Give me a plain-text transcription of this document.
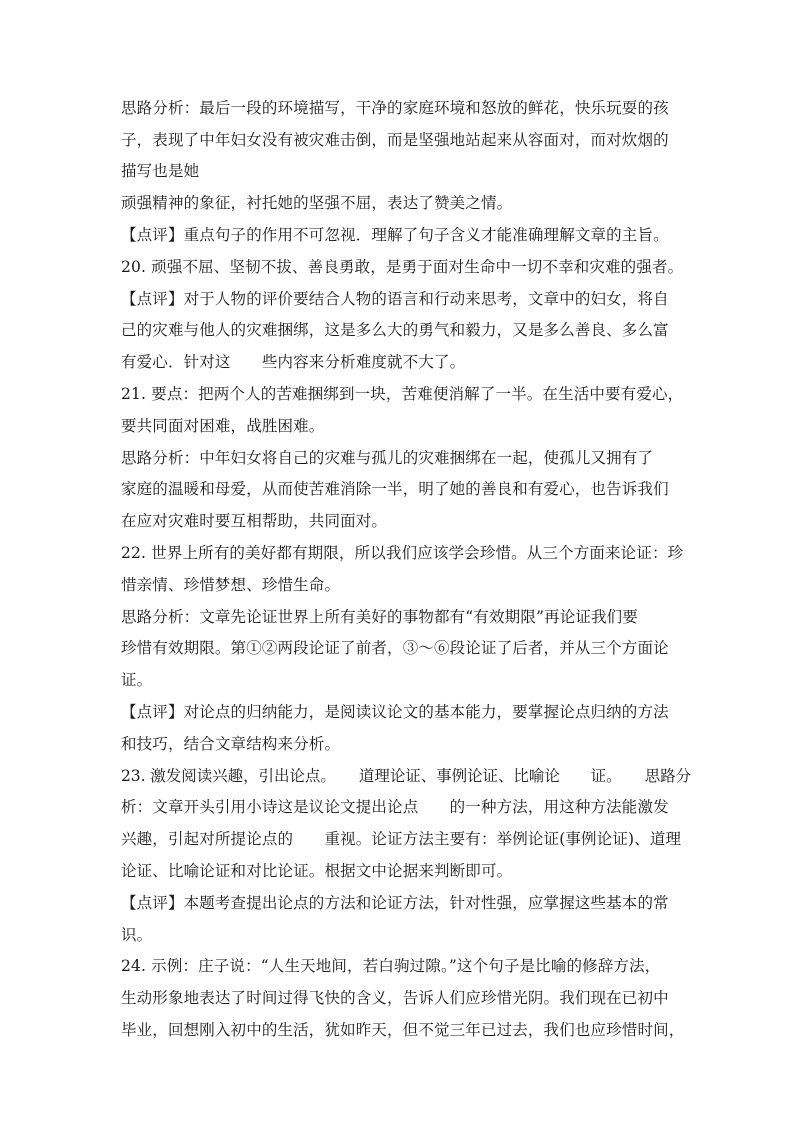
思路分析：最后一段的环境描写，干净的家庭环境和怒放的鲜花，快乐玩耍的孩
子，表现了中年妇女没有被灾难击倒，而是坚强地站起来从容面对，而对炊烟的
描写也是她
顽强精神的象征，衬托她的坚强不屈，表达了赞美之情。
【点评】重点句子的作用不可忽视．理解了句子含义才能准确理解文章的主旨。
20. 顽强不屈、坚韧不拔、善良勇敢，是勇于面对生命中一切不幸和灾难的强者。
【点评】对于人物的评价要结合人物的语言和行动来思考，文章中的妇女，将自
己的灾难与他人的灾难捆绑，这是多么大的勇气和毅力，又是多么善良、多么富
有爱心．针对这　　些内容来分析难度就不大了。
21. 要点：把两个人的苦难捆绑到一块，苦难便消解了一半。在生活中要有爱心，
要共同面对困难，战胜困难。
思路分析：中年妇女将自己的灾难与孤儿的灾难捆绑在一起，使孤儿又拥有了
家庭的温暖和母爱，从而使苦难消除一半，明了她的善良和有爱心，也告诉我们
在应对灾难时要互相帮助，共同面对。
22. 世界上所有的美好都有期限，所以我们应该学会珍惜。从三个方面来论证：珍
惜亲情、珍惜梦想、珍惜生命。
思路分析：文章先论证世界上所有美好的事物都有“有效期限”再论证我们要
珍惜有效期限。第①②两段论证了前者，③～⑥段论证了后者，并从三个方面论
证。
【点评】对论点的归纳能力，是阅读议论文的基本能力，要掌握论点归纳的方法
和技巧，结合文章结构来分析。
23. 激发阅读兴趣，引出论点。　　道理论证、事例论证、比喻论　　证。　　思路分
析：文章开头引用小诗这是议论文提出论点　　的一种方法，用这种方法能激发
兴趣，引起对所提论点的　　重视。论证方法主要有：举例论证(事例论证)、道理
论证、比喻论证和对比论证。根据文中论据来判断即可。
【点评】本题考查提出论点的方法和论证方法，针对性强，应掌握这些基本的常
识。
24. 示例：庄子说：“人生天地间，若白驹过隙。”这个句子是比喻的修辞方法，
生动形象地表达了时间过得飞快的含义，告诉人们应珍惜光阴。我们现在已初中
毕业，回想刚入初中的生活，犹如昨天，但不觉三年已过去，我们也应珍惜时间，
